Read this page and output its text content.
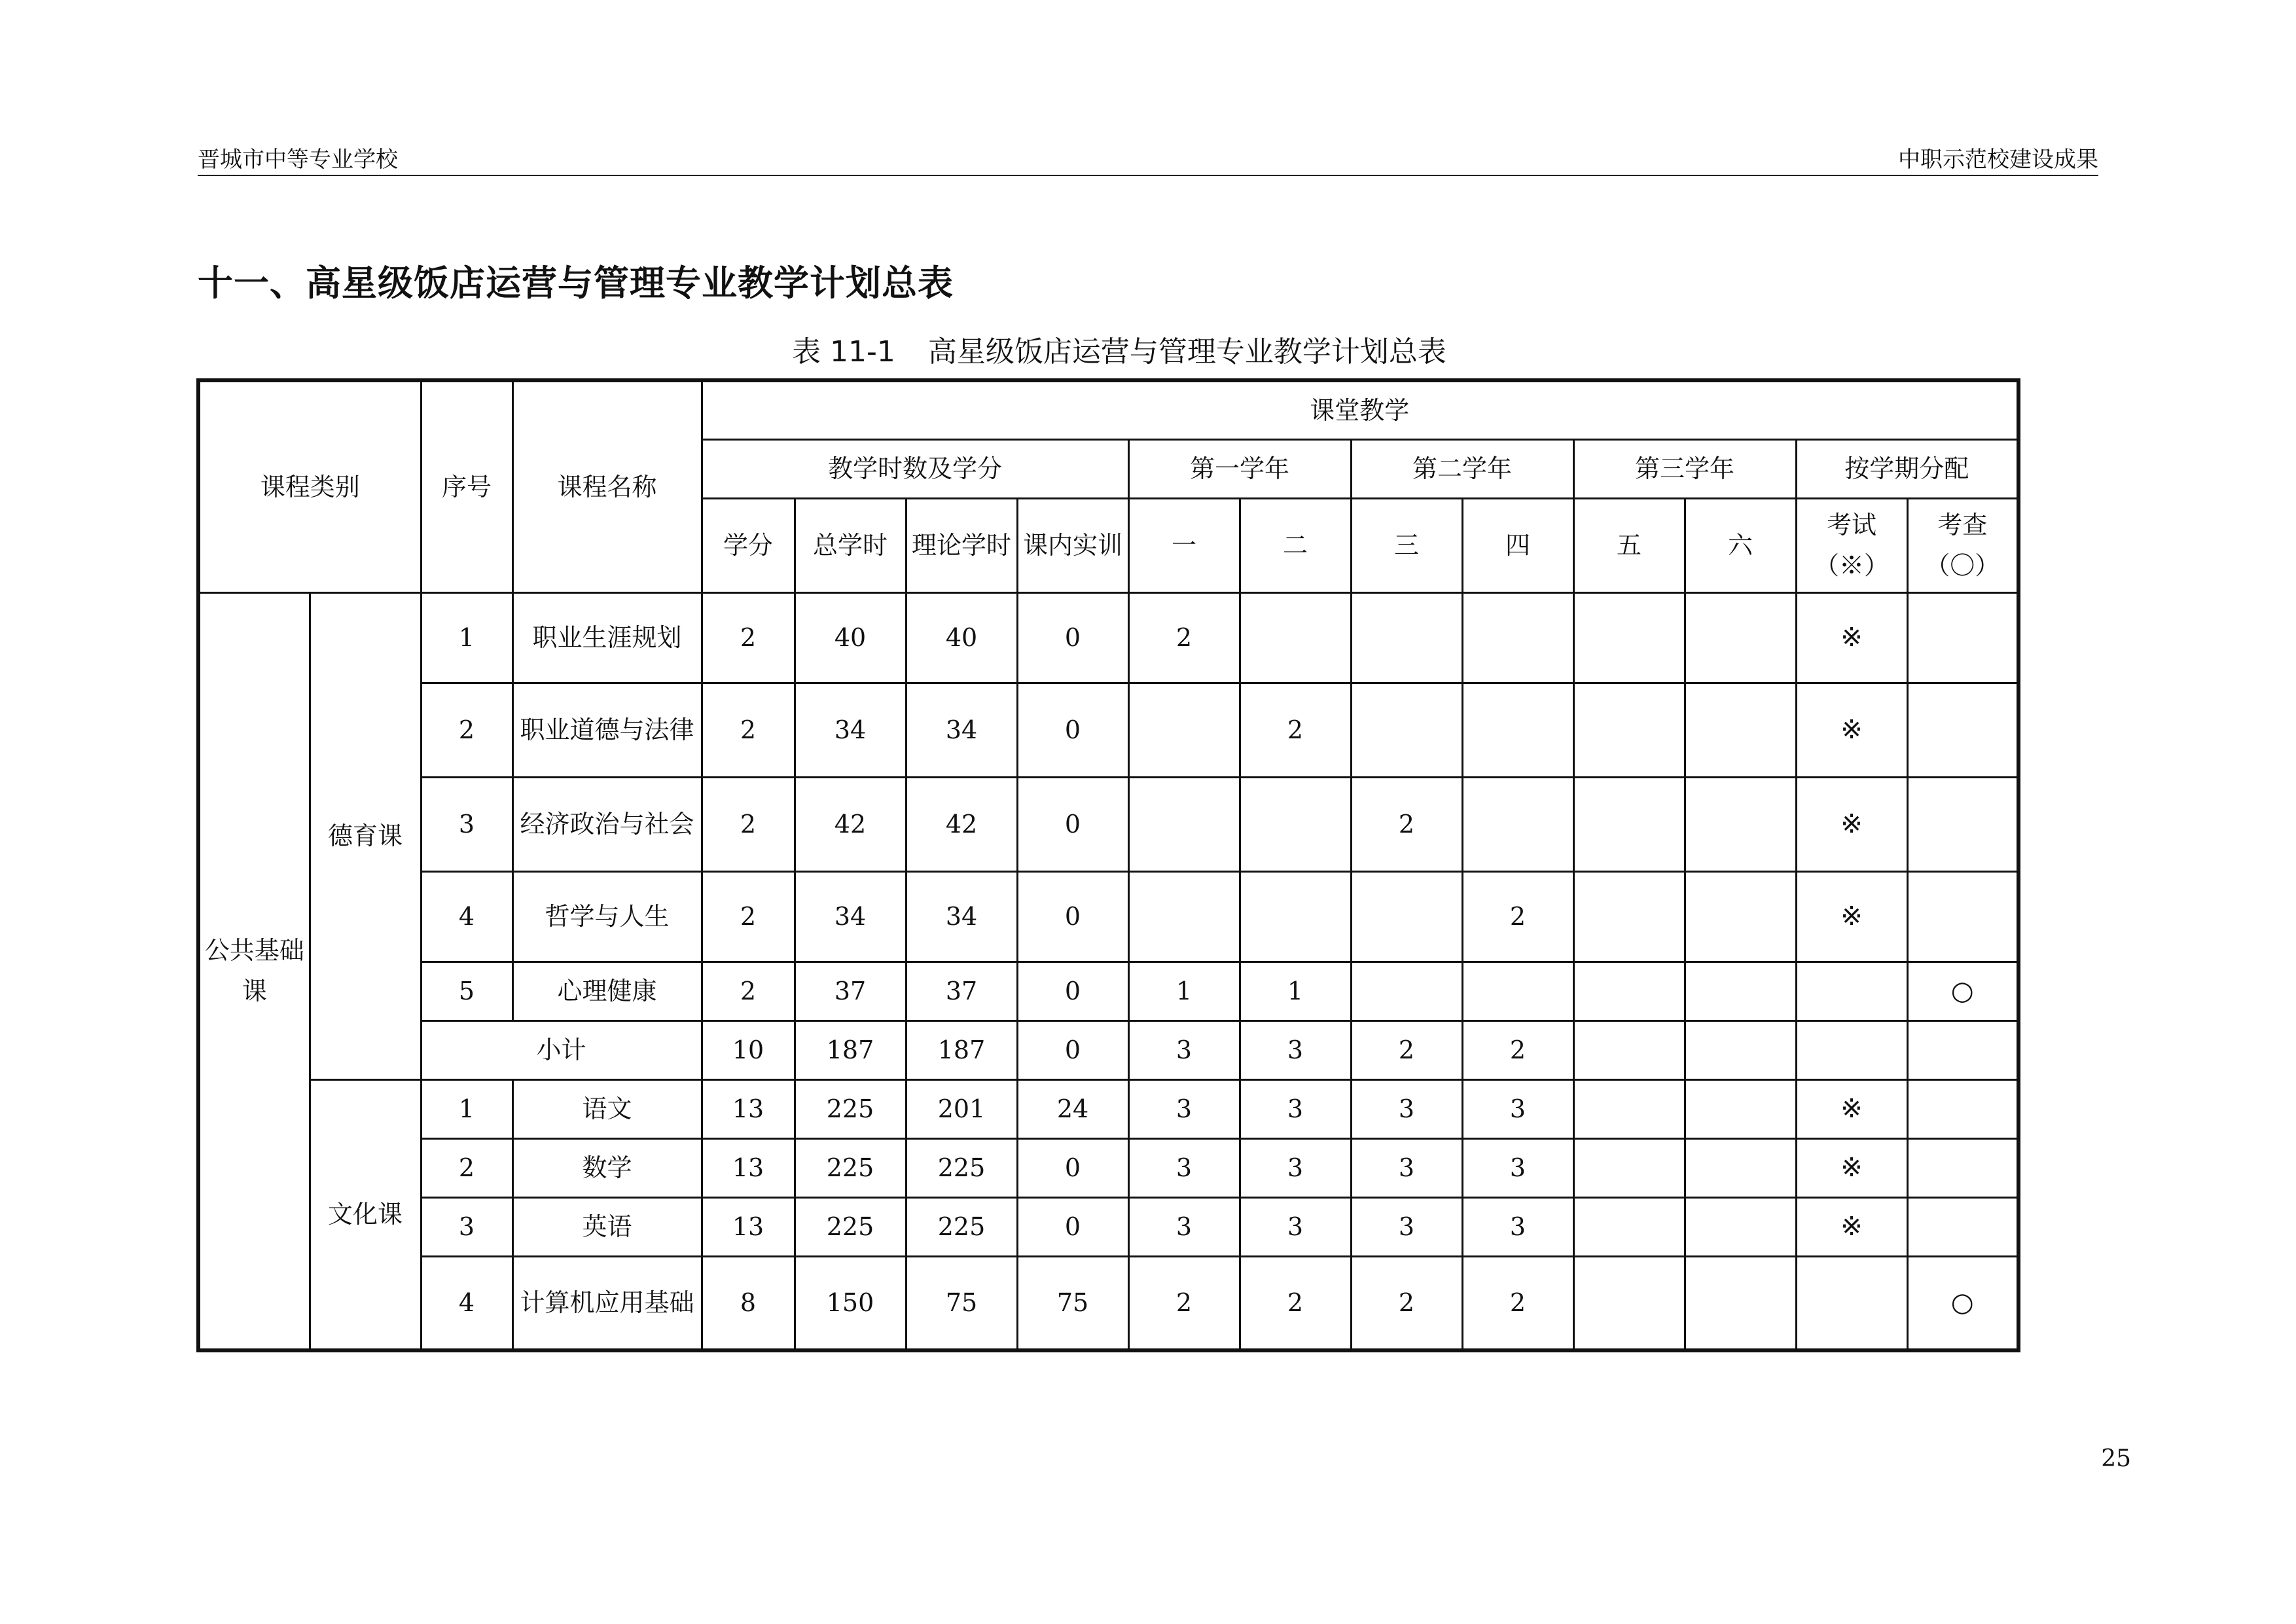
晋城市中等专业学校	中职示范校建设成果
十一、高星级饭店运营与管理专业教学计划总表
表 11-1 高星级饭店运营与管理专业教学计划总表
课程类别		序号	课程名称	课堂教学											
				教学时数及学分				第一学年		第二学年		第三学年		按学期分配	
				学分	总学时	理论学时	课内实训	一	二	三	四	五	六	考试（※）	考查（〇）
公共基础课	德育课	1	职业生涯规划	2	40	40	0	2						※	
		2	职业道德与法律	2	34	34	0		2					※	
		3	经济政治与社会	2	42	42	0			2				※	
		4	哲学与人生	2	34	34	0				2			※	
		5	心理健康	2	37	37	0	1	1						○
		小计		10	187	187	0	3	3	2	2				
	文化课	1	语文	13	225	201	24	3	3	3	3			※	
		2	数学	13	225	225	0	3	3	3	3			※	
		3	英语	13	225	225	0	3	3	3	3			※	
		4	计算机应用基础	8	150	75	75	2	2	2	2				○
25
